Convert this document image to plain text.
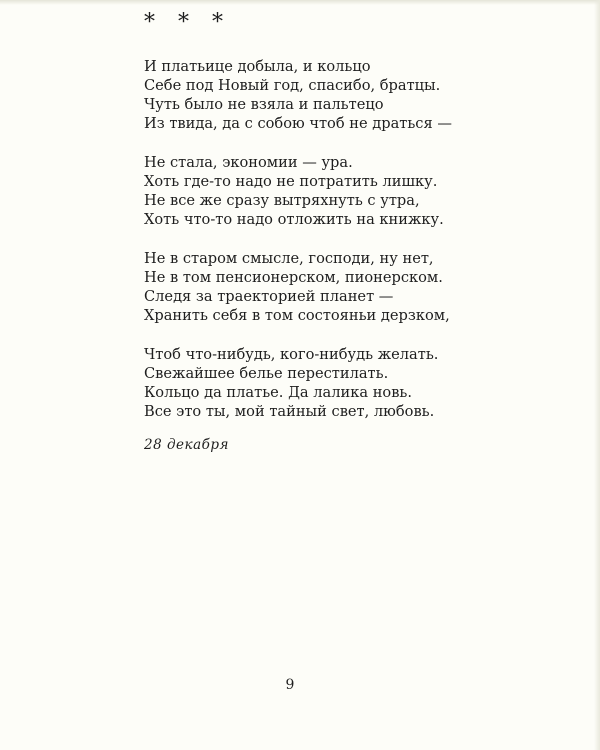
* * *
И платьице добыла, и кольцо
Себе под Новый год, спасибо, братцы.
Чуть было не взяла и пальтецо
Из твида, да с собою чтоб не драться —
Не стала, экономии — ура.
Хоть где-то надо не потратить лишку.
Не все же сразу вытряхнуть с утра,
Хоть что-то надо отложить на книжку.
Не в старом смысле, господи, ну нет,
Не в том пенсионерском, пионерском.
Следя за траекторией планет —
Хранить себя в том состояньи дерзком,
Чтоб что-нибудь, кого-нибудь желать.
Свежайшее белье перестилать.
Кольцо да платье. Да лалика новь.
Все это ты, мой тайный свет, любовь.
28 декабря
9
